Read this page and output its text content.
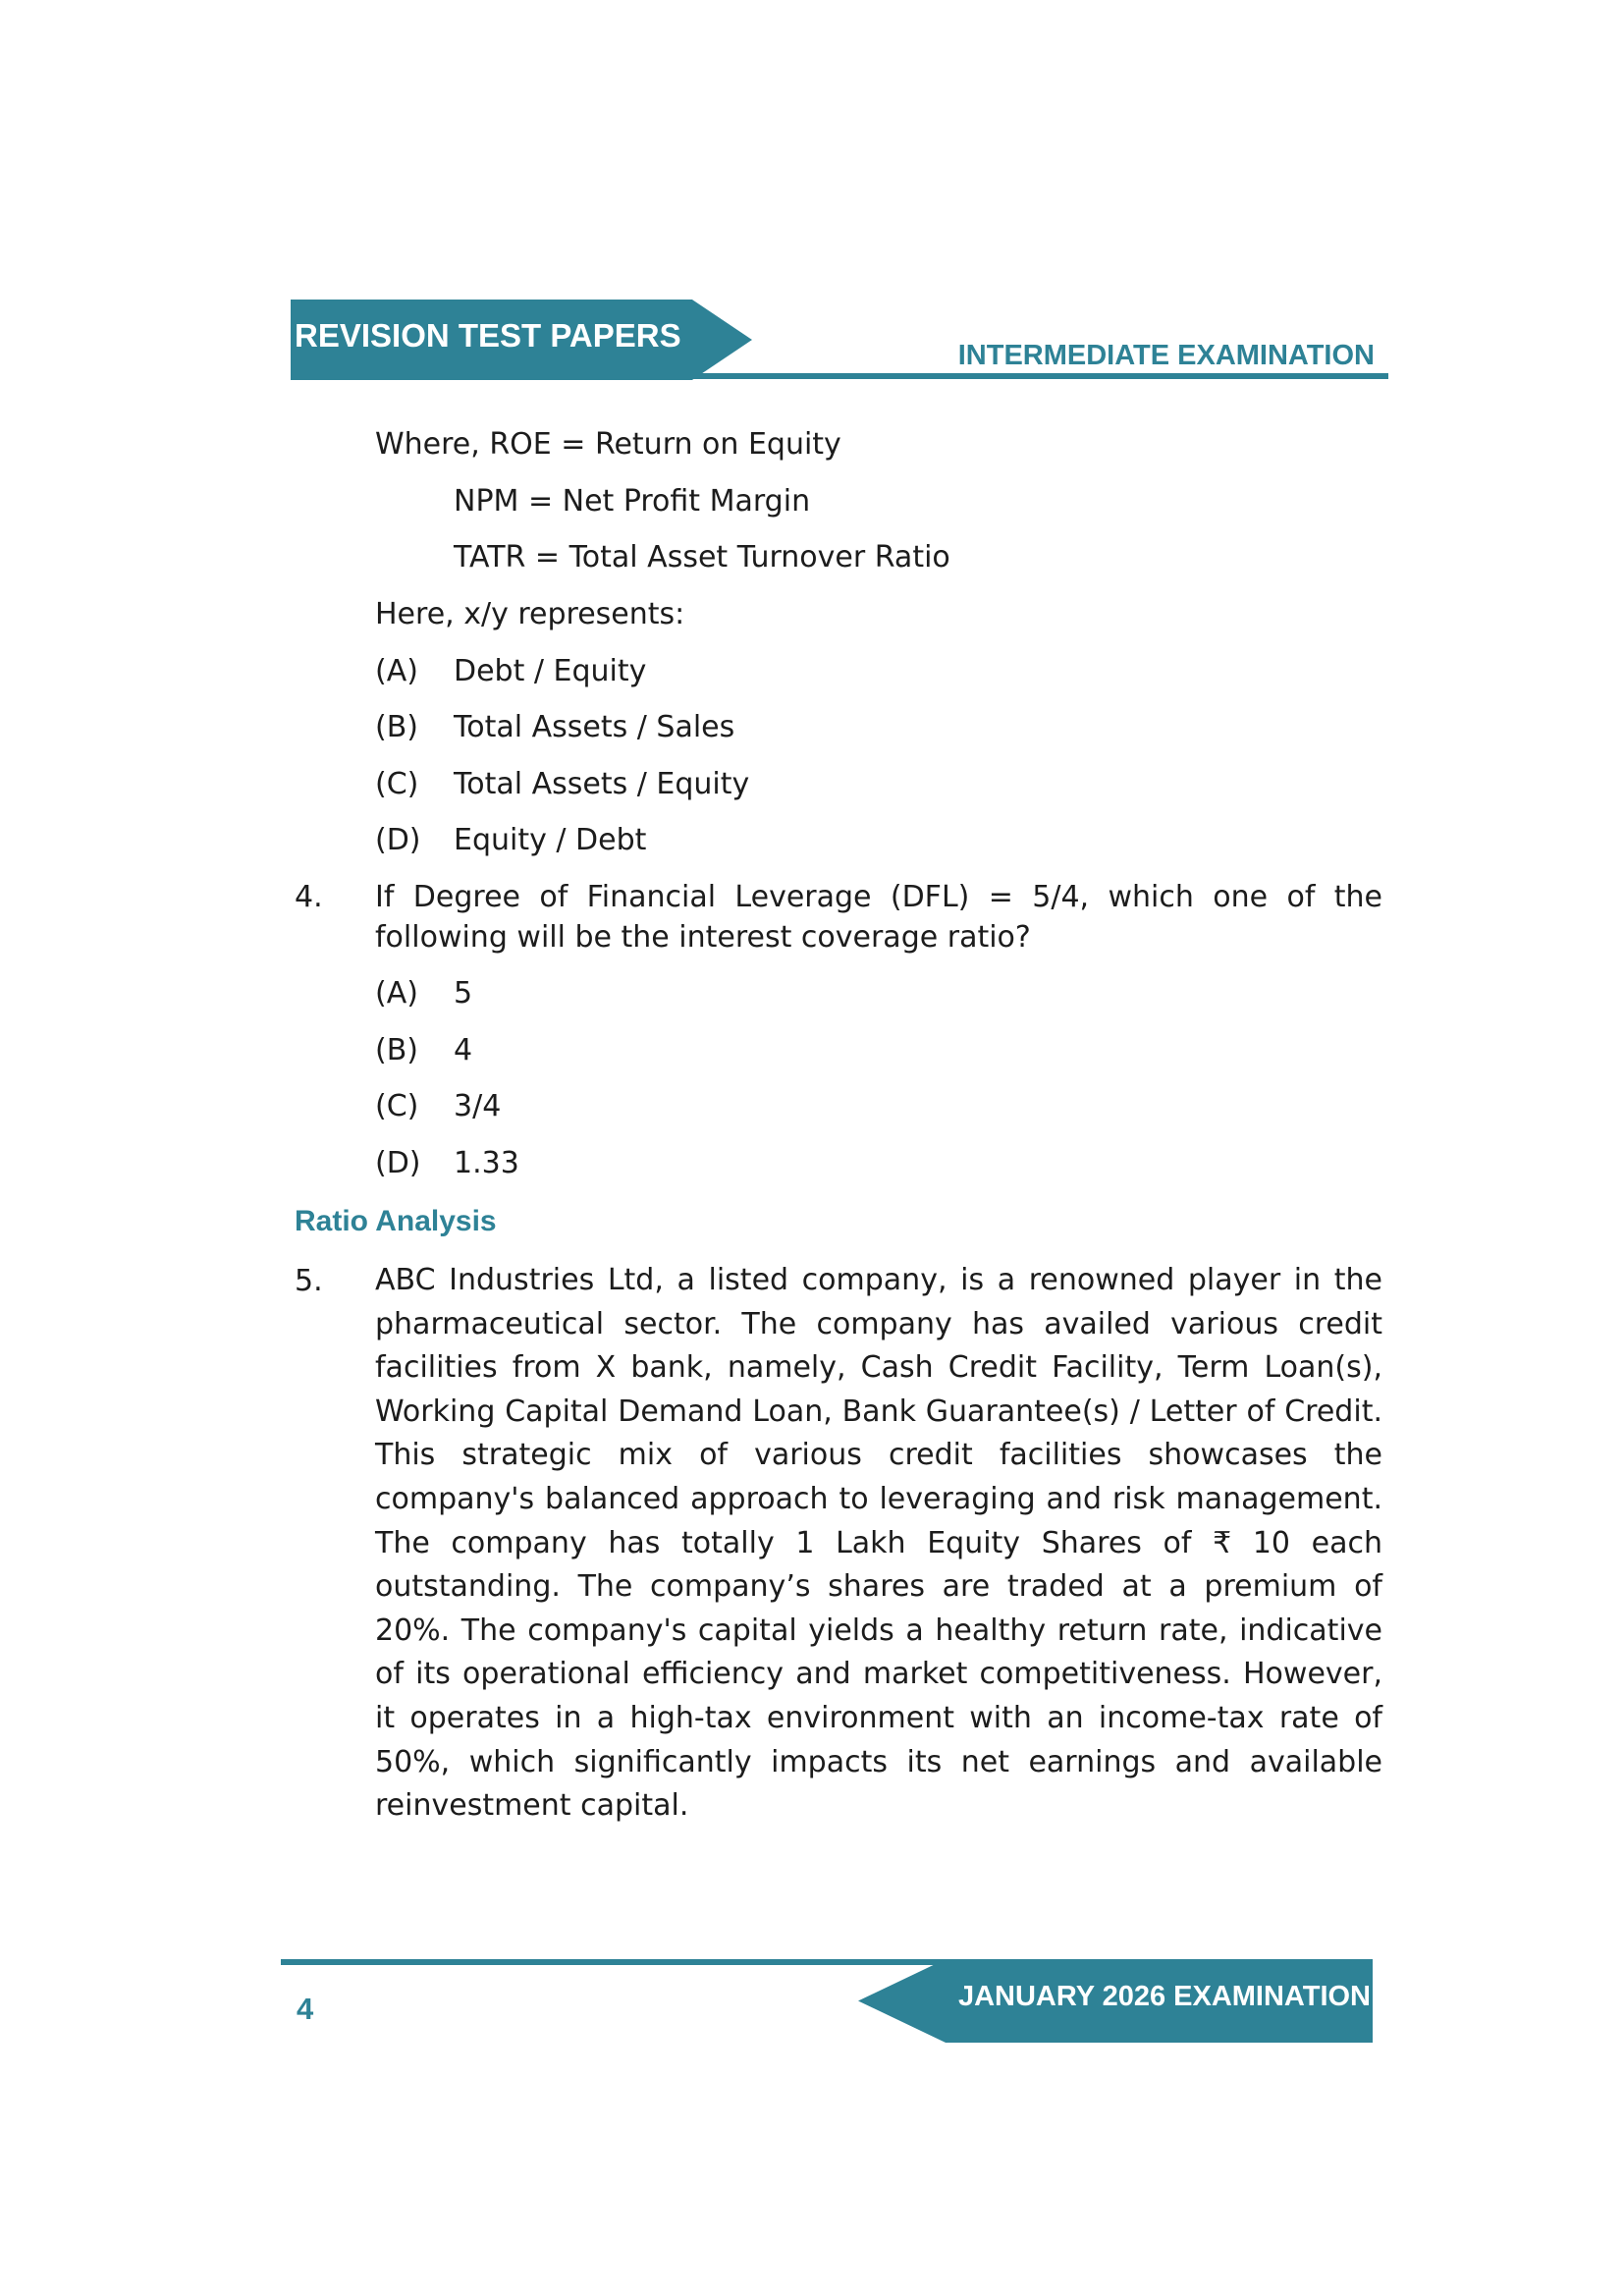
REVISION TEST PAPERS
INTERMEDIATE EXAMINATION
Where, ROE = Return on Equity
NPM = Net Profit Margin
TATR = Total Asset Turnover Ratio
Here, x/y represents:
(A) Debt / Equity
(B) Total Assets / Sales
(C) Total Assets / Equity
(D) Equity / Debt
4. If Degree of Financial Leverage (DFL) = 5/4, which one of the following will be the interest coverage ratio?

(A) 5
(B) 4
(C) 3/4
(D) 1.33
Ratio Analysis
5. ABC Industries Ltd, a listed company, is a renowned player in the pharmaceutical sector. The company has availed various credit facilities from X bank, namely, Cash Credit Facility, Term Loan(s), Working Capital Demand Loan, Bank Guarantee(s) / Letter of Credit. This strategic mix of various credit facilities showcases the company's balanced approach to leveraging and risk management. The company has totally 1 Lakh Equity Shares of ₹ 10 each outstanding. The company’s shares are traded at a premium of 20%. The company's capital yields a healthy return rate, indicative of its operational efficiency and market competitiveness. However, it operates in a high-tax environment with an income-tax rate of 50%, which significantly impacts its net earnings and available reinvestment capital.

JANUARY 2026 EXAMINATION
4
